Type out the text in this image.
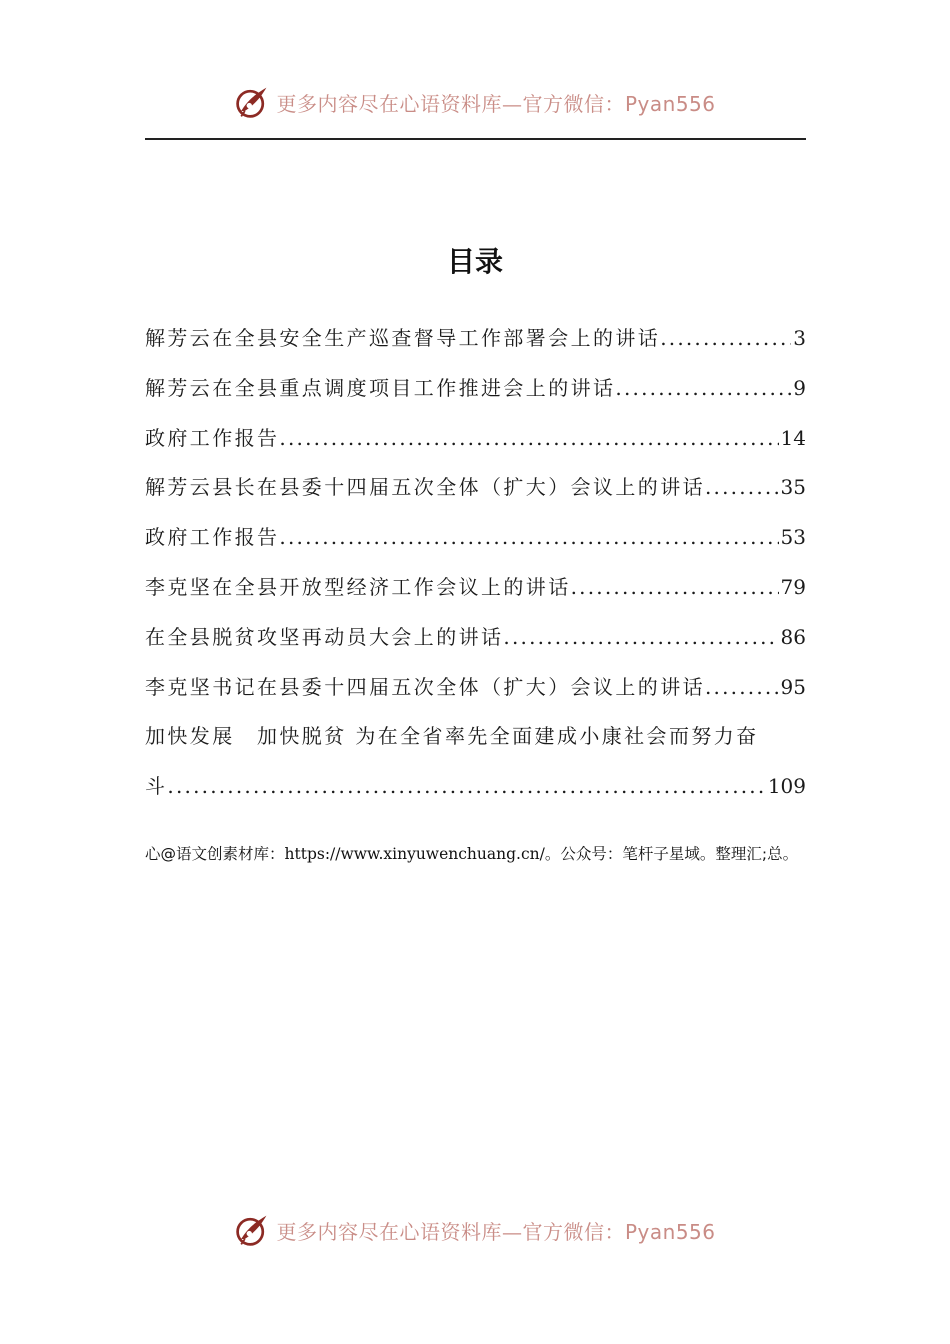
更多内容尽在心语资料库—官方微信：Pyan556
目录
解芳云在全县安全生产巡查督导工作部署会上的讲话 .....	3
解芳云在全县重点调度项目工作推进会上的讲话 .....	9
政府工作报告 .....	14
解芳云县长在县委十四届五次全体（扩大）会议上的讲话 .....	35
政府工作报告 .....	53
李克坚在全县开放型经济工作会议上的讲话 .....	79
在全县脱贫攻坚再动员大会上的讲话 .....	86
李克坚书记在县委十四届五次全体（扩大）会议上的讲话 .....	95
加快发展　加快脱贫 为在全省率先全面建成小康社会而努力奋
斗 .....	109
心@语文创素材库：https://www.xinyuwenchuang.cn/。公众号：笔杆子星域。整理汇;总。
更多内容尽在心语资料库—官方微信：Pyan556
